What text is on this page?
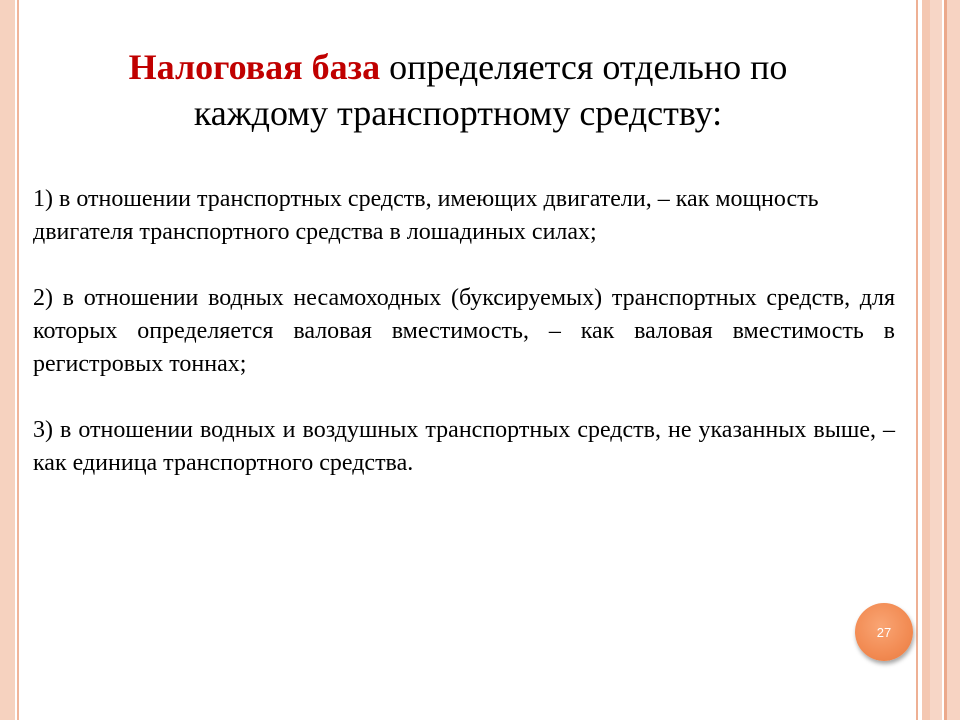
Налоговая база определяется отдельно по
каждому транспортному средству:

1) в отношении транспортных средств, имеющих двигатели, – как мощность двигателя транспортного средства в лошадиных силах;

2) в отношении водных несамоходных (буксируемых) транспортных средств, для которых определяется валовая вместимость, – как валовая вместимость в регистровых тоннах;

3) в отношении водных и воздушных транспортных средств, не указанных выше, – как единица транспортного средства.

27
